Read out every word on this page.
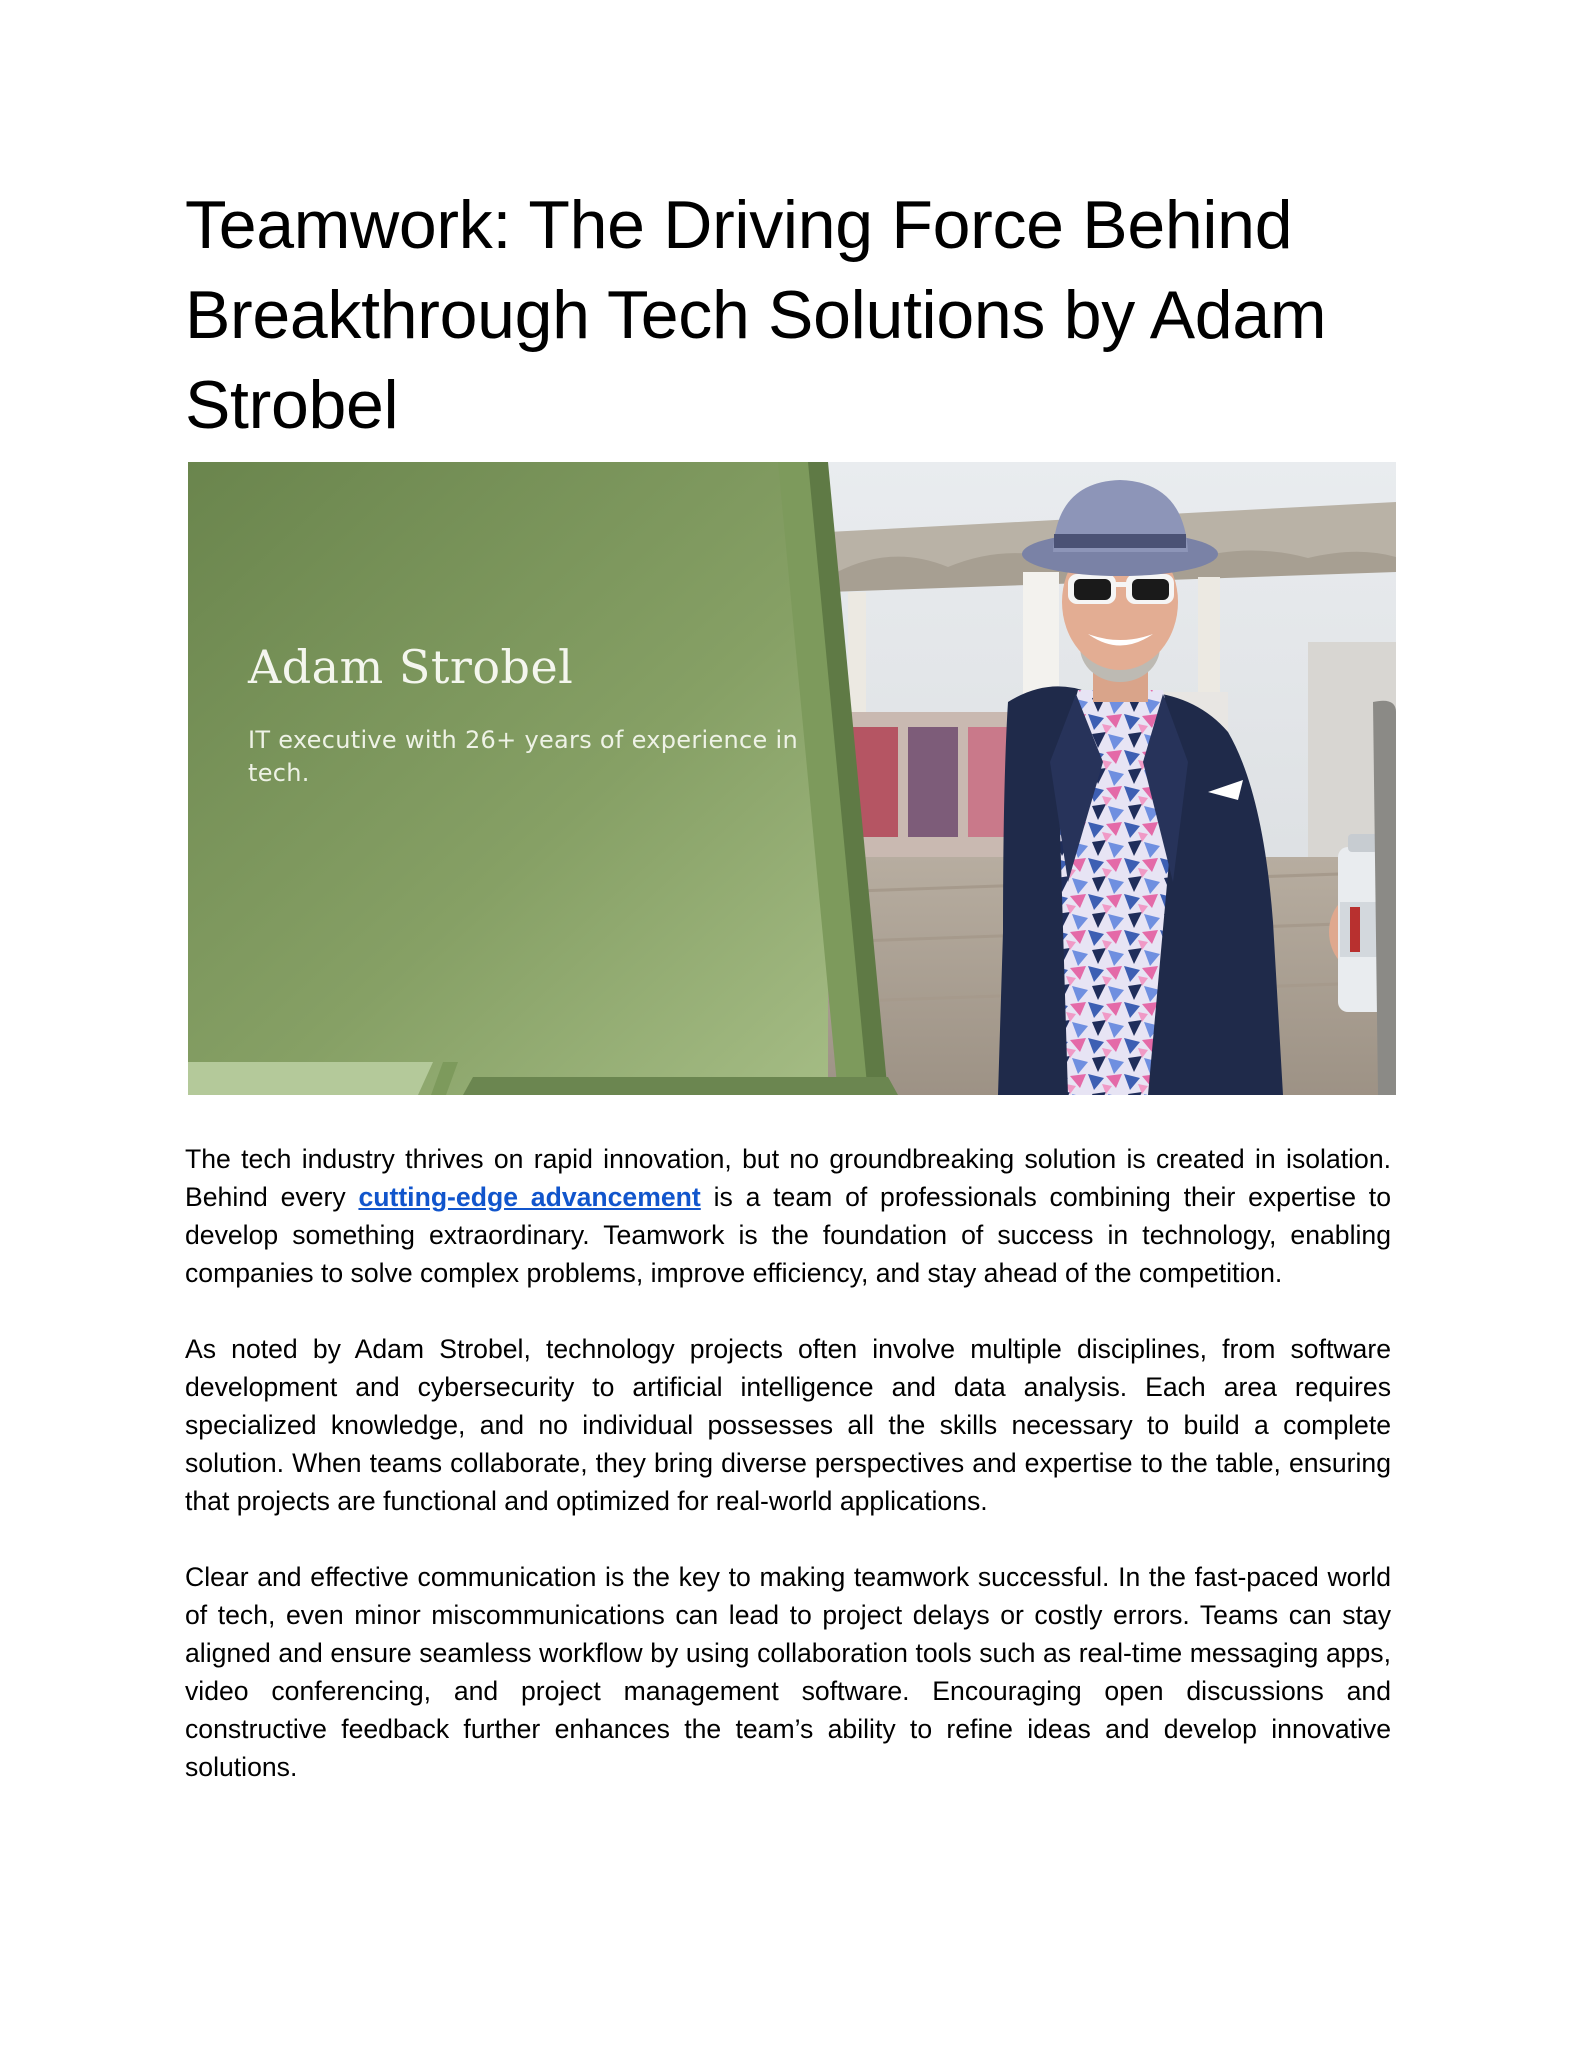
Teamwork: The Driving Force Behind
Breakthrough Tech Solutions by Adam
Strobel
Adam Strobel
IT executive with 26+ years of experience in tech.

The tech industry thrives on rapid innovation, but no groundbreaking solution is created in isolation. Behind every cutting-edge advancement is a team of professionals combining their expertise to develop something extraordinary. Teamwork is the foundation of success in technology, enabling companies to solve complex problems, improve efficiency, and stay ahead of the competition.

As noted by Adam Strobel, technology projects often involve multiple disciplines, from software development and cybersecurity to artificial intelligence and data analysis. Each area requires specialized knowledge, and no individual possesses all the skills necessary to build a complete solution. When teams collaborate, they bring diverse perspectives and expertise to the table, ensuring that projects are functional and optimized for real-world applications.

Clear and effective communication is the key to making teamwork successful. In the fast-paced world of tech, even minor miscommunications can lead to project delays or costly errors. Teams can stay aligned and ensure seamless workflow by using collaboration tools such as real-time messaging apps, video conferencing, and project management software. Encouraging open discussions and constructive feedback further enhances the team’s ability to refine ideas and develop innovative solutions.
